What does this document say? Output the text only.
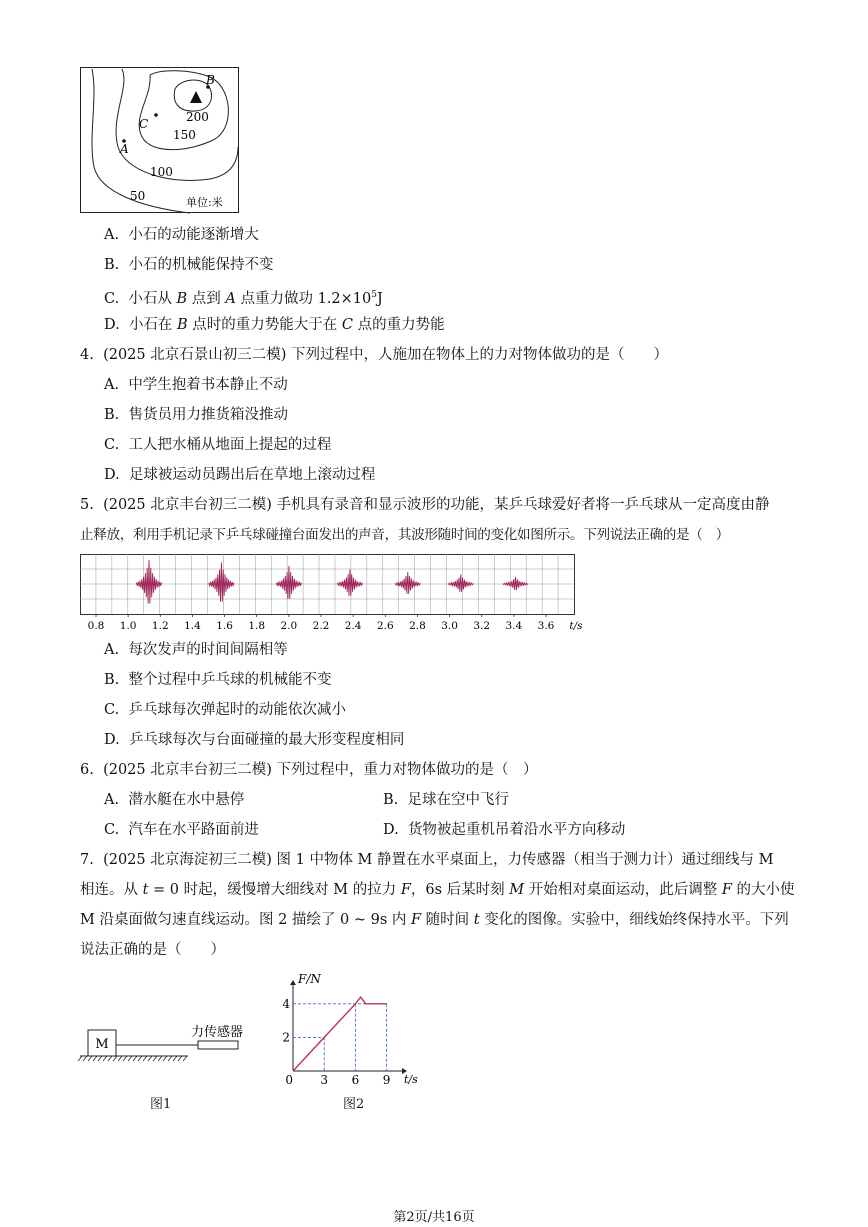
B
C
A
200
150
100
50	单位:米
A. 小石的动能逐渐增大
B. 小石的机械能保持不变
C. 小石从 B 点到 A 点重力做功 $1.2\times 10^5J$
D. 小石在 B 点时的重力势能大于在 C 点的重力势能
4. (2025 北京石景山初三二模) 下列过程中，人施加在物体上的力对物体做功的是（　　）
A. 中学生抱着书本静止不动
B. 售货员用力推货箱没推动
C. 工人把水桶从地面上提起的过程
D. 足球被运动员踢出后在草地上滚动过程
5. (2025 北京丰台初三二模) 手机具有录音和显示波形的功能，某乒乓球爱好者将一乒乓球从一定高度由静
止释放，利用手机记录下乒乓球碰撞台面发出的声音，其波形随时间的变化如图所示。下列说法正确的是（　）
0.8 1.0 1.2 1.4 1.6 1.8 2.0 2.2 2.4 2.6 2.8 3.0 3.2 3.4 3.6 t/s
A. 每次发声的时间间隔相等
B. 整个过程中乒乓球的机械能不变
C. 乒乓球每次弹起时的动能依次减小
D. 乒乓球每次与台面碰撞的最大形变程度相同
6. (2025 北京丰台初三二模) 下列过程中，重力对物体做功的是（　）
A. 潜水艇在水中悬停	B. 足球在空中飞行
C. 汽车在水平路面前进	D. 货物被起重机吊着沿水平方向移动
7. (2025 北京海淀初三二模) 图 1 中物体 M 静置在水平桌面上，力传感器（相当于测力计）通过细线与 M
相连。从 t = 0 时起，缓慢增大细线对 M 的拉力 F，6s 后某时刻 M 开始相对桌面运动，此后调整 F 的大小使
M 沿桌面做匀速直线运动。图 2 描绘了 0 ~ 9s 内 F 随时间 t 变化的图像。实验中，细线始终保持水平。下列
说法正确的是（　　）
M
力传感器
图1
F/N
t/s
4
2
0 3 6 9
图2
第2页/共16页
